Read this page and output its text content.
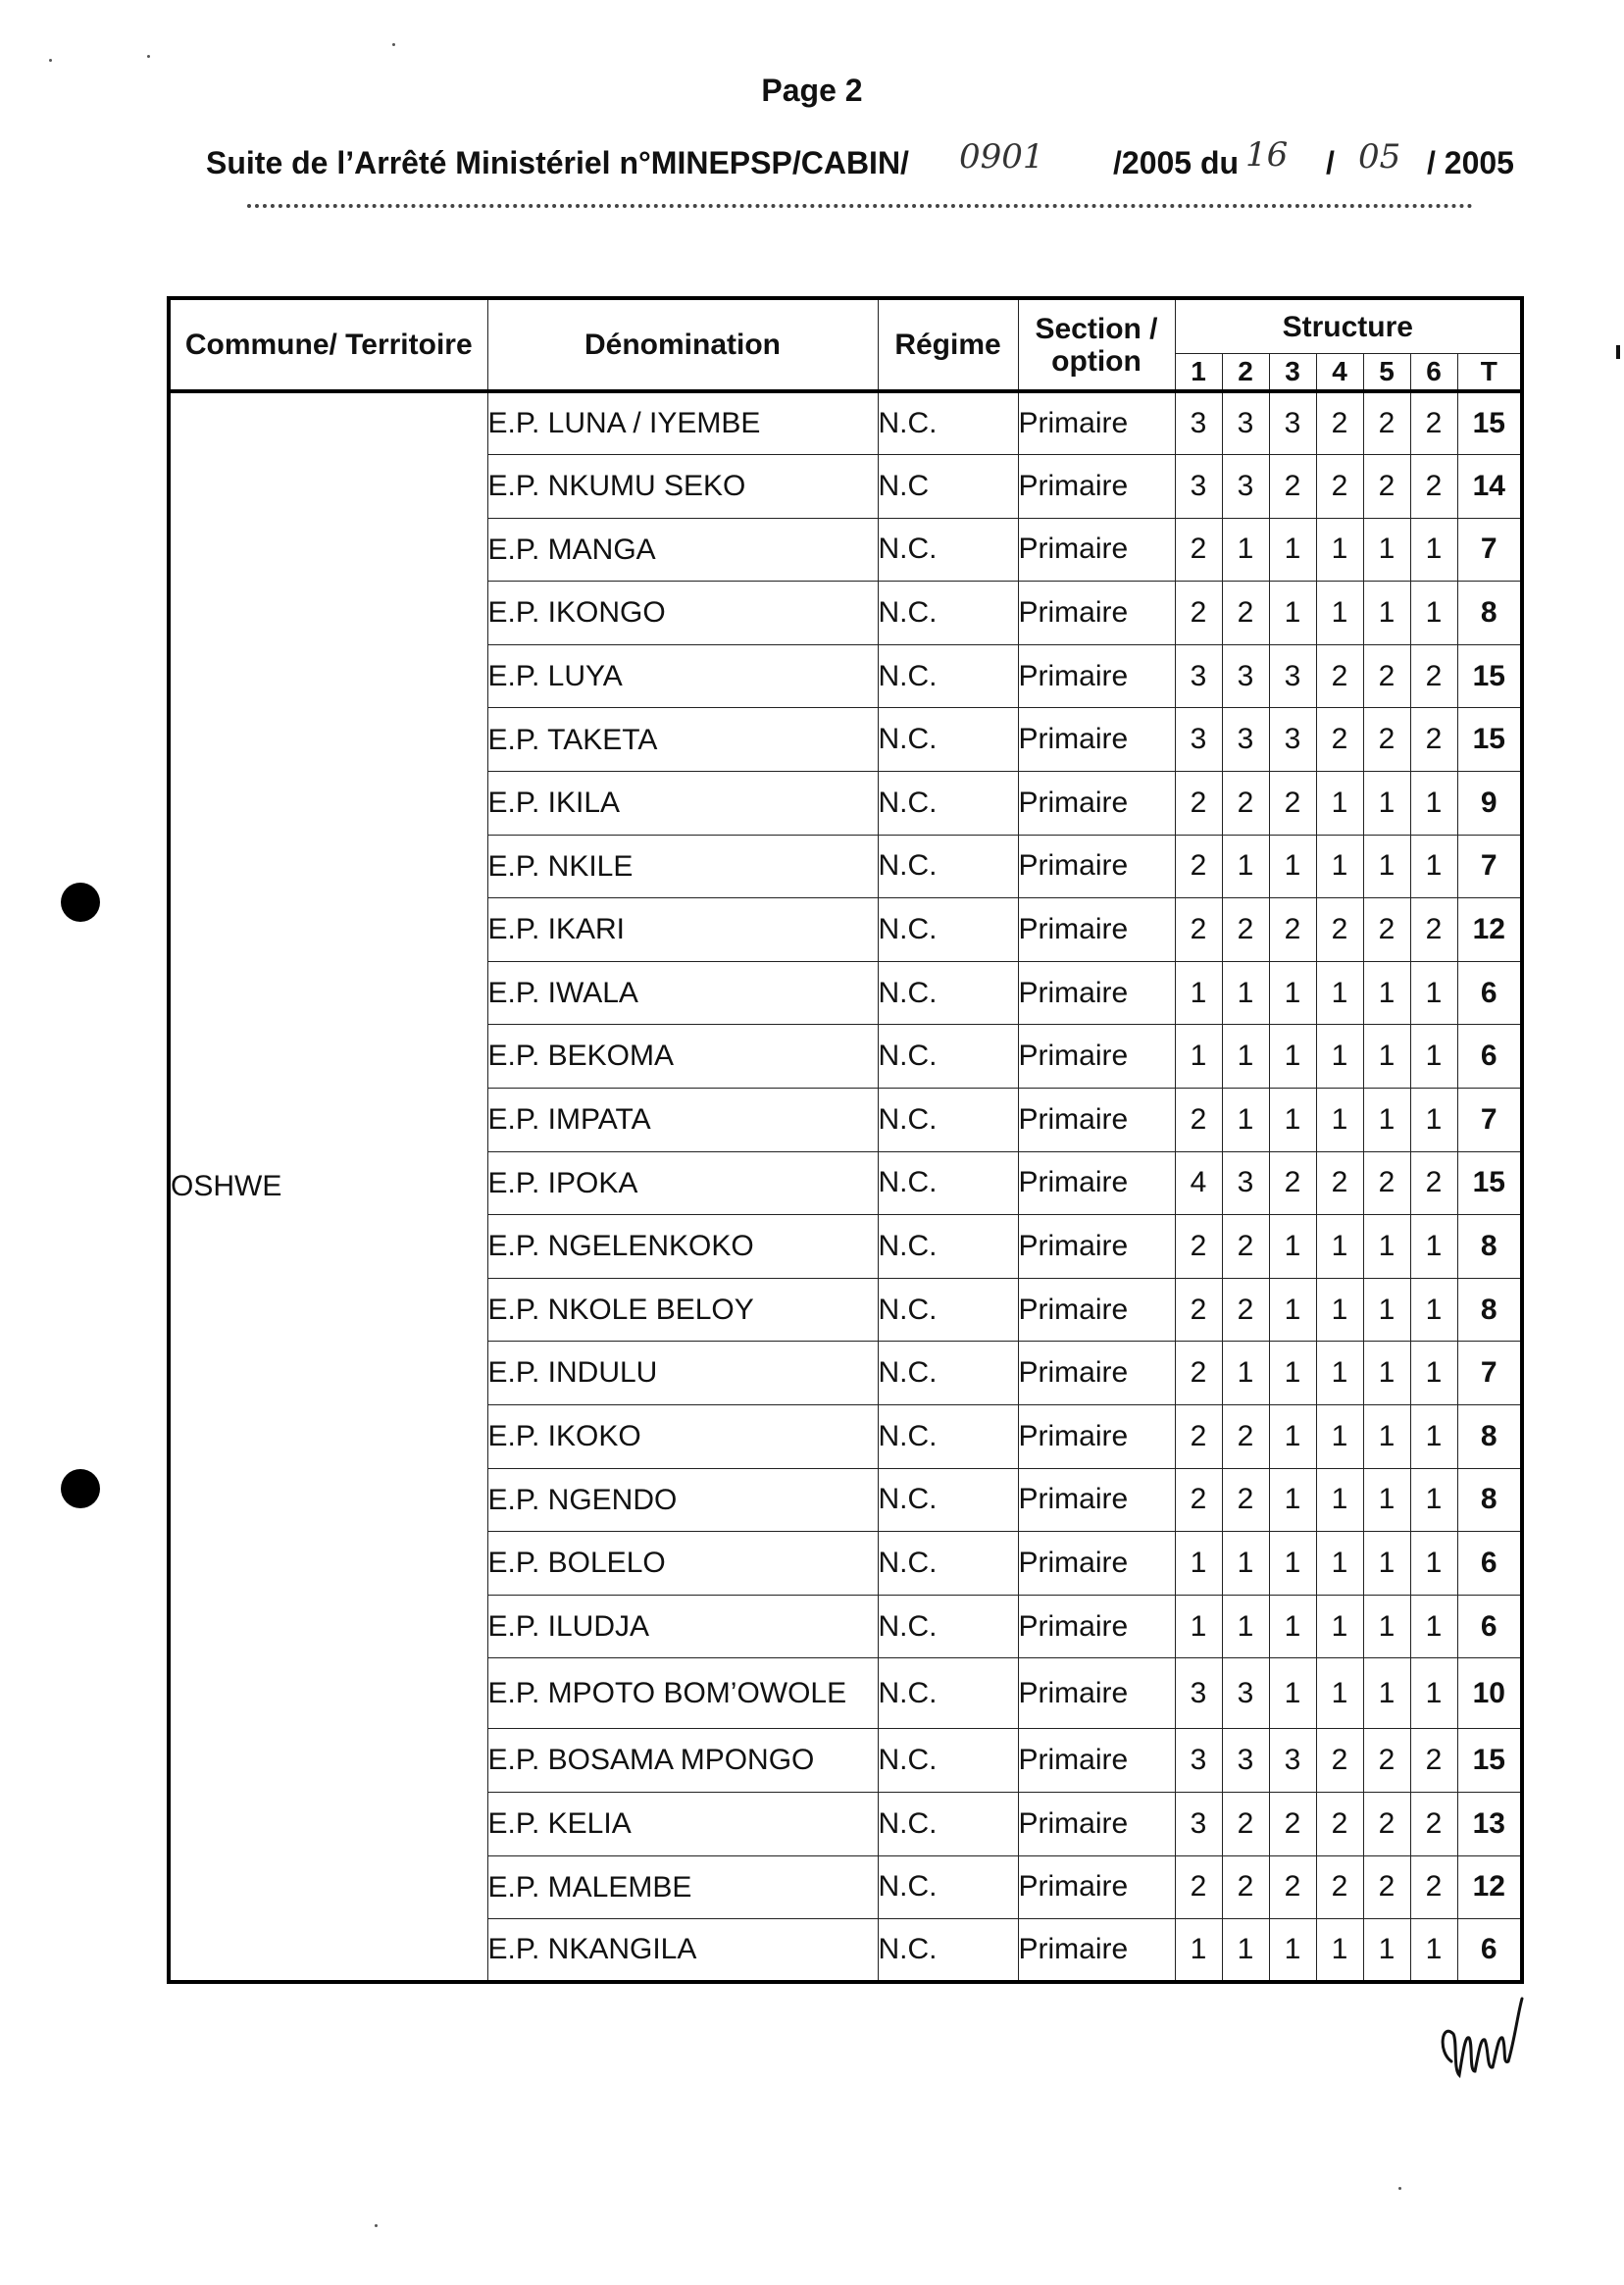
Page 2
Suite de l’Arrêté Ministériel n°MINEPSP/CABIN/ 0901 /2005 du 16 / 05 / 2005
Commune/ Territoire	Dénomination	Régime	Section / option	Structure						
				1	2	3	4	5	6	T
OSHWE	E.P. LUNA / IYEMBE	N.C.	Primaire	3	3	3	2	2	2	15
	E.P. NKUMU SEKO	N.C	Primaire	3	3	2	2	2	2	14
	E.P. MANGA	N.C.	Primaire	2	1	1	1	1	1	7
	E.P. IKONGO	N.C.	Primaire	2	2	1	1	1	1	8
	E.P. LUYA	N.C.	Primaire	3	3	3	2	2	2	15
	E.P. TAKETA	N.C.	Primaire	3	3	3	2	2	2	15
	E.P. IKILA	N.C.	Primaire	2	2	2	1	1	1	9
	E.P. NKILE	N.C.	Primaire	2	1	1	1	1	1	7
	E.P. IKARI	N.C.	Primaire	2	2	2	2	2	2	12
	E.P. IWALA	N.C.	Primaire	1	1	1	1	1	1	6
	E.P. BEKOMA	N.C.	Primaire	1	1	1	1	1	1	6
	E.P. IMPATA	N.C.	Primaire	2	1	1	1	1	1	7
	E.P. IPOKA	N.C.	Primaire	4	3	2	2	2	2	15
	E.P. NGELENKOKO	N.C.	Primaire	2	2	1	1	1	1	8
	E.P. NKOLE BELOY	N.C.	Primaire	2	2	1	1	1	1	8
	E.P. INDULU	N.C.	Primaire	2	1	1	1	1	1	7
	E.P. IKOKO	N.C.	Primaire	2	2	1	1	1	1	8
	E.P. NGENDO	N.C.	Primaire	2	2	1	1	1	1	8
	E.P. BOLELO	N.C.	Primaire	1	1	1	1	1	1	6
	E.P. ILUDJA	N.C.	Primaire	1	1	1	1	1	1	6
	E.P. MPOTO BOM’OWOLE	N.C.	Primaire	3	3	1	1	1	1	10
	E.P. BOSAMA MPONGO	N.C.	Primaire	3	3	3	2	2	2	15
	E.P. KELIA	N.C.	Primaire	3	2	2	2	2	2	13
	E.P. MALEMBE	N.C.	Primaire	2	2	2	2	2	2	12
	E.P. NKANGILA	N.C.	Primaire	1	1	1	1	1	1	6
